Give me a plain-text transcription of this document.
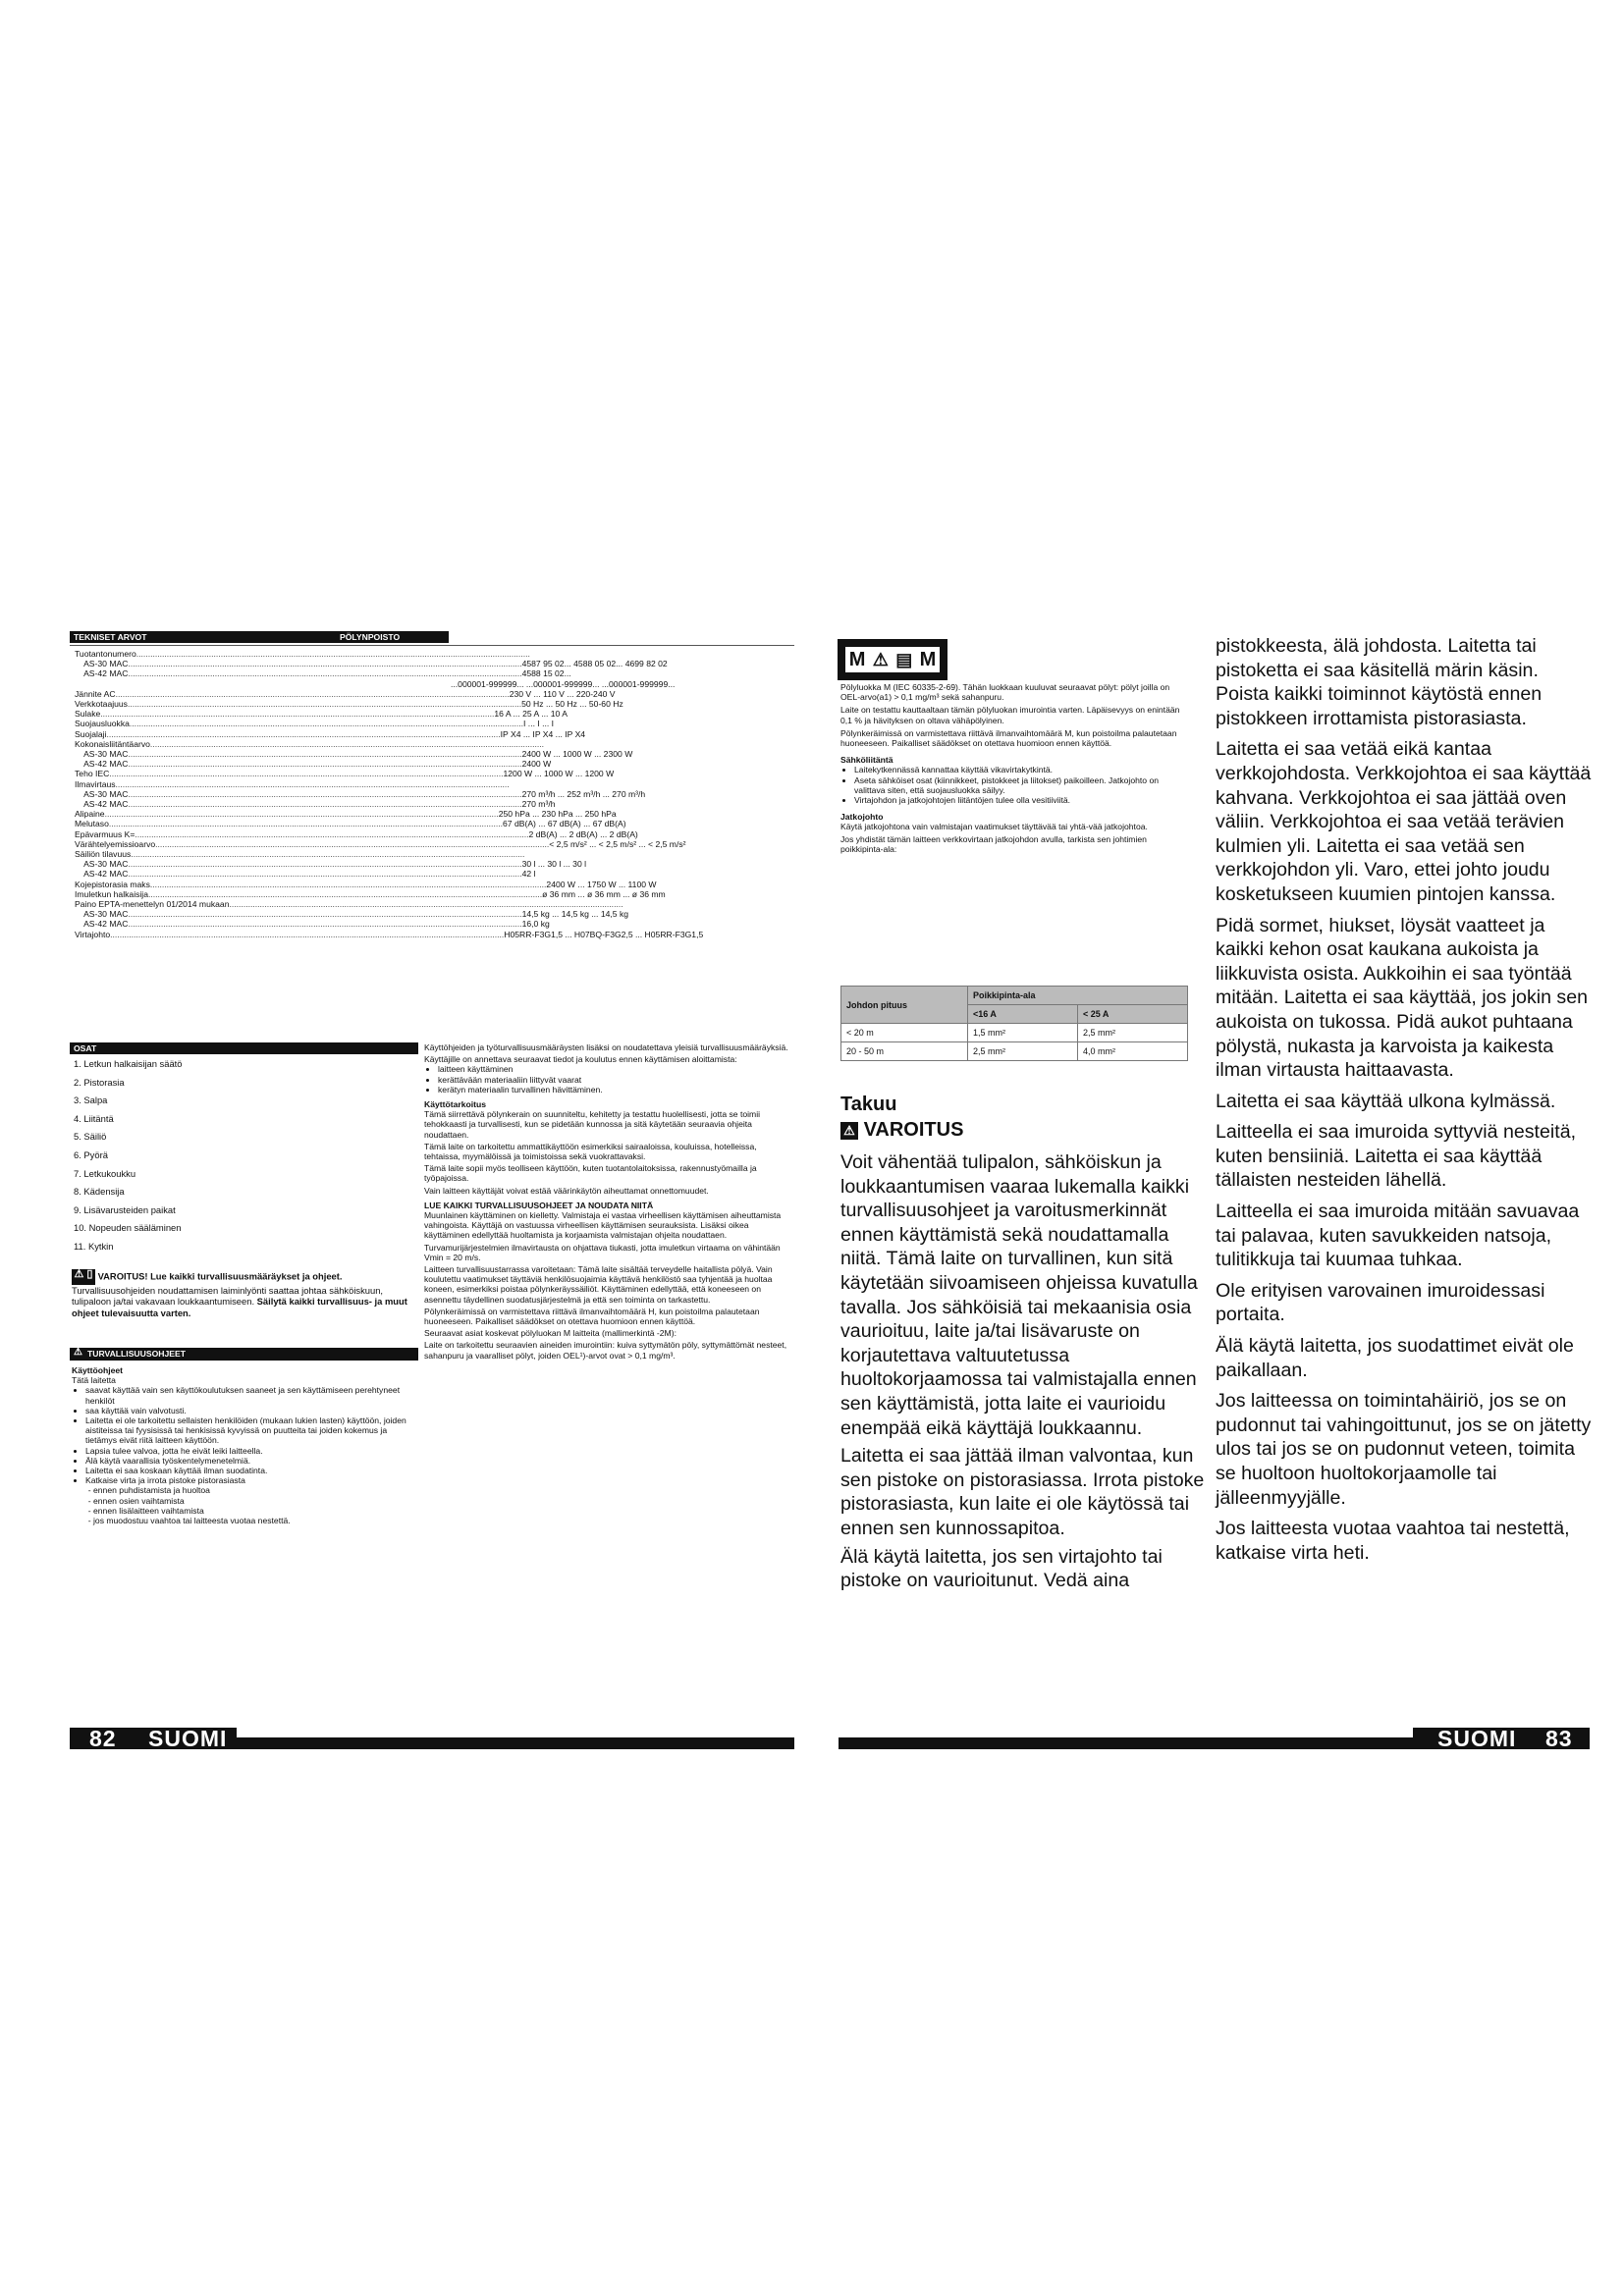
TEKNISET ARVOT	PÖLYNPOISTO
Tuotantonumero ........................................................................................................................................................................
AS-30 MAC ........................................................................................................................................................................ 4587 95 02... 4588 05 02... 4699 82 02
AS-42 MAC ........................................................................................................................................................................ 4588 15 02...
...000001-999999... ...000001-999999... ...000001-999999...
Jännite AC ........................................................................................................................................................................ 230 V ... 110 V ... 220-240 V
Verkkotaajuus ........................................................................................................................................................................ 50 Hz ... 50 Hz ... 50-60 Hz
Sulake ........................................................................................................................................................................ 16 A ... 25 A ... 10 A
Suojausluokka ........................................................................................................................................................................ I ... I ... I
Suojalaji ........................................................................................................................................................................ IP X4 ... IP X4 ... IP X4
Kokonaisliitäntäarvo ........................................................................................................................................................................
AS-30 MAC ........................................................................................................................................................................ 2400 W ... 1000 W ... 2300 W
AS-42 MAC ........................................................................................................................................................................ 2400 W
Teho IEC ........................................................................................................................................................................ 1200 W ... 1000 W ... 1200 W
Ilmavirtaus ........................................................................................................................................................................
AS-30 MAC ........................................................................................................................................................................ 270 m³/h ... 252 m³/h ... 270 m³/h
AS-42 MAC ........................................................................................................................................................................ 270 m³/h
Alipaine ........................................................................................................................................................................ 250 hPa ... 230 hPa ... 250 hPa
Melutaso ........................................................................................................................................................................ 67 dB(A) ... 67 dB(A) ... 67 dB(A)
Epävarmuus K= ........................................................................................................................................................................ 2 dB(A) ... 2 dB(A) ... 2 dB(A)
Värähtelyemissioarvo ........................................................................................................................................................................ < 2,5 m/s² ... < 2,5 m/s² ... < 2,5 m/s²
Säiliön tilavuus ........................................................................................................................................................................
AS-30 MAC ........................................................................................................................................................................ 30 l ... 30 l ... 30 l
AS-42 MAC ........................................................................................................................................................................ 42 l
Kojepistorasia maks. ........................................................................................................................................................................ 2400 W ... 1750 W ... 1100 W
Imuletkun halkaisija ........................................................................................................................................................................ ø 36 mm ... ø 36 mm ... ø 36 mm
Paino EPTA-menettelyn 01/2014 mukaan ........................................................................................................................................................................
AS-30 MAC ........................................................................................................................................................................ 14,5 kg ... 14,5 kg ... 14,5 kg
AS-42 MAC ........................................................................................................................................................................ 16,0 kg
Virtajohto ........................................................................................................................................................................ H05RR-F3G1,5 ... H07BQ-F3G2,5 ... H05RR-F3G1,5
OSAT
1. Letkun halkaisijan säätö
2. Pistorasia
3. Salpa
4. Liitäntä
5. Säiliö
6. Pyörä
7. Letkukoukku
8. Kädensija
9. Lisävarusteiden paikat
10. Nopeuden sääläminen
11. Kytkin
⚠ ▯ VAROITUS! Lue kaikki turvallisuusmääräykset ja ohjeet. Turvallisuusohjeiden noudattamisen laiminlyönti saattaa johtaa sähköiskuun, tulipaloon ja/tai vakavaan loukkaantumiseen. Säilytä kaikki turvallisuus- ja muut ohjeet tulevaisuutta varten.
⚠ TURVALLISUUSOHJEET
Käyttöohjeet
Tätä laitetta
• saavat käyttää vain sen käyttökoulutuksen saaneet ja sen käyttämiseen perehtyneet henkilöt
• saa käyttää vain valvotusti.
• Laitetta ei ole tarkoitettu sellaisten henkilöiden (mukaan lukien lasten) käyttöön, joiden aistiteissa tai fyysisissä tai henkisissä kyvyissä on puutteita tai joiden kokemus ja tietämys eivät riitä laitteen käyttöön.
• Lapsia tulee valvoa, jotta he eivät leiki laitteella.
• Älä käytä vaarallisia työskentelymenetelmiä.
• Laitetta ei saa koskaan käyttää ilman suodatinta.
• Katkaise virta ja irrota pistoke pistorasiasta
- ennen puhdistamista ja huoltoa
- ennen osien vaihtamista
- ennen lisälaitteen vaihtamista
- jos muodostuu vaahtoa tai laitteesta vuotaa nestettä.
Käyttöhjeiden ja työturvallisuusmääräysten lisäksi on noudatettava yleisiä turvallisuusmääräyksiä.
Käyttäjille on annettava seuraavat tiedot ja koulutus ennen käyttämisen aloittamista:
• laitteen käyttäminen
• kerättävään materiaaliin liittyvät vaarat
• kerätyn materiaalin turvallinen hävittäminen.
Käyttötarkoitus
Tämä siirrettävä pölynkerain on suunniteltu, kehitetty ja testattu huolellisesti, jotta se toimii tehokkaasti ja turvallisesti, kun se pidetään kunnossa ja sitä käytetään seuraavia ohjeita noudattaen.
Tämä laite on tarkoitettu ammattikäyttöön esimerkiksi sairaaloissa, kouluissa, hotelleissa, tehtaissa, myymälöissä ja toimistoissa sekä vuokrattavaksi.
Tämä laite sopii myös teolliseen käyttöön, kuten tuotantolaitoksissa, rakennustyömailla ja työpajoissa.
Vain laitteen käyttäjät voivat estää väärinkäytön aiheuttamat onnettomuudet.
LUE KAIKKI TURVALLISUUSOHJEET JA NOUDATA NIITÄ
Muunlainen käyttäminen on kielletty. Valmistaja ei vastaa virheellisen käyttämisen aiheuttamista vahingoista. Käyttäjä on vastuussa virheellisen käyttämisen seurauksista. Lisäksi oikea käyttäminen edellyttää huoltamista ja korjaamista valmistajan ohjeita noudattaen.
Turvamurijärjestelmien ilmavirtausta on ohjattava tiukasti, jotta imuletkun virtaama on vähintään Vmin = 20 m/s.
Laitteen turvallisuustarrassa varoitetaan: Tämä laite sisältää terveydelle haitallista pölyä. Vain koulutettu vaatimukset täyttäviä henkilösuojaimia käyttävä henkilöstö saa tyhjentää ja huoltaa koneen, esimerkiksi poistaa pölynkeräyssäiliöt. Käyttäminen edellyttää, että koneeseen on asennettu täydellinen suodatusjärjestelmä ja että sen toiminta on tarkastettu.
Pölynkeräimissä on varmistettava riittävä ilmanvaihtomäärä H, kun poistoilma palautetaan huoneeseen. Paikalliset säädökset on otettava huomioon ennen käyttöä.
Seuraavat asiat koskevat pölyluokan M laitteita (mallimerkintä -2M):
Laite on tarkoitettu seuraavien aineiden imurointiin: kuiva syttymätön pöly, syttymättömät nesteet, sahanpuru ja vaaralliset pölyt, joiden OEL¹)-arvot ovat > 0,1 mg/m³.
82 SUOMI
M ⚠ ▤ M
Pölyluokka M (IEC 60335-2-69). Tähän luokkaan kuuluvat seuraavat pölyt: pölyt joilla on OEL-arvo(a1) > 0,1 mg/m³ sekä sahanpuru.
Laite on testattu kauttaaltaan tämän pölyluokan imurointia varten. Läpäisevyys on enintään 0,1 % ja hävityksen on oltava vähäpölyinen.
Pölynkeräimissä on varmistettava riittävä ilmanvaihtomäärä M, kun poistoilma palautetaan huoneeseen. Paikalliset säädökset on otettava huomioon ennen käyttöä.
Sähköliitäntä
• Laitekytkennässä kannattaa käyttää vikavirtakytkintä.
• Aseta sähköiset osat (kiinnikkeet, pistokkeet ja liitokset) paikoilleen. Jatkojohto on valittava siten, että suojausluokka säilyy.
• Virtajohdon ja jatkojohtojen liitäntöjen tulee olla vesitiiviitä.
Jatkojohto
Käytä jatkojohtona vain valmistajan vaatimukset täyttävää tai yhtä-vää jatkojohtoa.
Jos yhdistät tämän laitteen verkkovirtaan jatkojohdon avulla, tarkista sen johtimien poikkipinta-ala:
Johdon pituus	Poikkipinta-ala	
	<16 A	< 25 A
< 20 m	1,5 mm²	2,5 mm²
20 - 50 m	2,5 mm²	4,0 mm²
Takuu
⚠ VAROITUS
Voit vähentää tulipalon, sähköiskun ja loukkaantumisen vaaraa lukemalla kaikki turvallisuusohjeet ja varoitusmerkinnät ennen käyttämistä sekä noudattamalla niitä. Tämä laite on turvallinen, kun sitä käytetään siivoamiseen ohjeissa kuvatulla tavalla. Jos sähköisiä tai mekaanisia osia vaurioituu, laite ja/tai lisävaruste on korjautettava valtuutetussa huoltokorjaamossa tai valmistajalla ennen sen käyttämistä, jotta laite ei vaurioidu enempää eikä käyttäjä loukkaannu.
Laitetta ei saa jättää ilman valvontaa, kun sen pistoke on pistorasiassa. Irrota pistoke pistorasiasta, kun laite ei ole käytössä tai ennen sen kunnossapitoa.
Älä käytä laitetta, jos sen virtajohto tai pistoke on vaurioitunut. Vedä aina
pistokkeesta, älä johdosta. Laitetta tai pistoketta ei saa käsitellä märin käsin. Poista kaikki toiminnot käytöstä ennen pistokkeen irrottamista pistorasiasta.
Laitetta ei saa vetää eikä kantaa verkkojohdosta. Verkkojohtoa ei saa käyttää kahvana. Verkkojohtoa ei saa jättää oven väliin. Verkkojohtoa ei saa vetää terävien kulmien yli. Laitetta ei saa vetää sen verkkojohdon yli. Varo, ettei johto joudu kosketukseen kuumien pintojen kanssa.
Pidä sormet, hiukset, löysät vaatteet ja kaikki kehon osat kaukana aukoista ja liikkuvista osista. Aukkoihin ei saa työntää mitään. Laitetta ei saa käyttää, jos jokin sen aukoista on tukossa. Pidä aukot puhtaana pölystä, nukasta ja karvoista ja kaikesta ilman virtausta haittaavasta.
Laitetta ei saa käyttää ulkona kylmässä.
Laitteella ei saa imuroida syttyviä nesteitä, kuten bensiiniä. Laitetta ei saa käyttää tällaisten nesteiden lähellä.
Laitteella ei saa imuroida mitään savuavaa tai palavaa, kuten savukkeiden natsoja, tulitikkuja tai kuumaa tuhkaa.
Ole erityisen varovainen imuroidessasi portaita.
Älä käytä laitetta, jos suodattimet eivät ole paikallaan.
Jos laitteessa on toimintahäiriö, jos se on pudonnut tai vahingoittunut, jos se on jätetty ulos tai jos se on pudonnut veteen, toimita se huoltoon huoltokorjaamolle tai jälleenmyyjälle.
Jos laitteesta vuotaa vaahtoa tai nestettä, katkaise virta heti.
SUOMI 83
